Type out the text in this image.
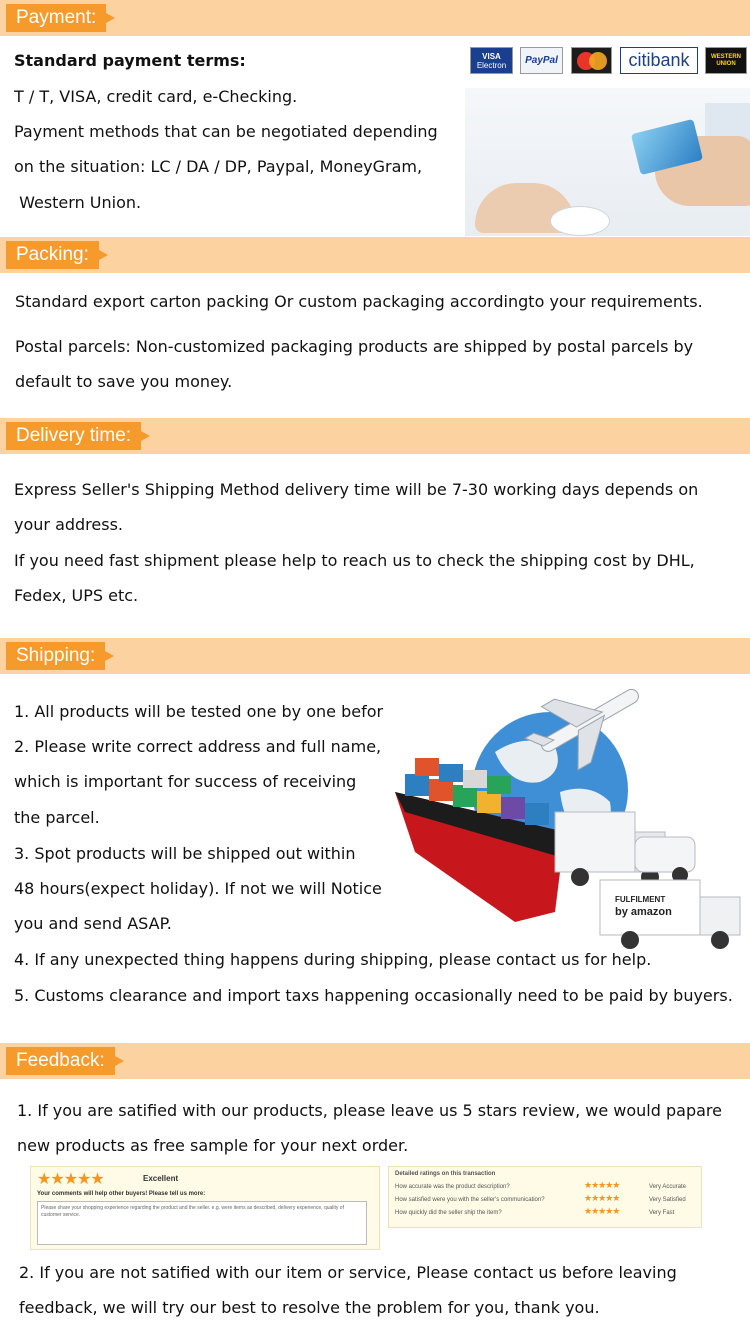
Payment:
Standard payment terms:
T / T, VISA, credit card, e-Checking.
Payment methods that can be negotiated depending
on the situation: LC / DA / DP, Paypal, MoneyGram,
Western Union.
VISA
Electron	PayPal	citibank	WESTERN
UNION
Packing:
Standard export carton packing Or custom packaging accordingto your requirements.
Postal parcels: Non-customized packaging products are shipped by postal parcels by
default to save you money.
Delivery time:
Express Seller's Shipping Method delivery time will be 7-30 working days depends on
your address.
If you need fast shipment please help to reach us to check the shipping cost by DHL,
Fedex, UPS etc.
Shipping:
1. All products will be tested one by one befor
2. Please write correct address and full name,
which is important for success of receiving
the parcel.
3. Spot products will be shipped out within
48 hours(expect holiday). If not we will Notice
you and send ASAP.
4. If any unexpected thing happens during shipping, please contact us for help.
5. Customs clearance and import taxs happening occasionally need to be paid by buyers.
FULFILMENT
by amazon
Feedback:
1. If you are satified with our products, please leave us 5 stars review, we would papare
new products as free sample for your next order.
★★★★★	Excellent
Your comments will help other buyers! Please tell us more:
Please share your shopping experience regarding the product and the seller. e.g. were items as described, delivery experience, quality of customer service.
Detailed ratings on this transaction
How accurate was the product description?	★★★★★	Very Accurate
How satisfied were you with the seller's communication?	★★★★★	Very Satisfied
How quickly did the seller ship the item?	★★★★★	Very Fast
2. If you are not satified with our item or service, Please contact us before leaving
feedback, we will try our best to resolve the problem for you, thank you.
